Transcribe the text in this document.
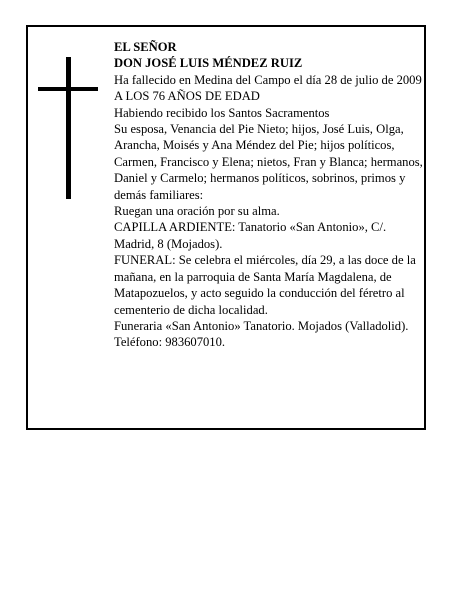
EL SEÑOR
DON JOSÉ LUIS MÉNDEZ RUIZ
Ha fallecido en Medina del Campo el día 28 de julio de 2009
A LOS 76 AÑOS DE EDAD
Habiendo recibido los Santos Sacramentos
Su esposa, Venancia del Pie Nieto; hijos, José Luis, Olga, Arancha, Moisés y Ana Méndez del Pie; hijos políticos, Carmen, Francisco y Elena; nietos, Fran y Blanca; hermanos, Daniel y Carmelo; hermanos políticos, sobrinos, primos y demás familiares:
Ruegan una oración por su alma.
CAPILLA ARDIENTE: Tanatorio «San Antonio», C/. Madrid, 8 (Mojados).
FUNERAL: Se celebra el miércoles, día 29, a las doce de la mañana, en la parroquia de Santa María Magdalena, de Matapozuelos, y acto seguido la conducción del féretro al cementerio de dicha localidad.
Funeraria «San Antonio» Tanatorio. Mojados (Valladolid). Teléfono: 983607010.
